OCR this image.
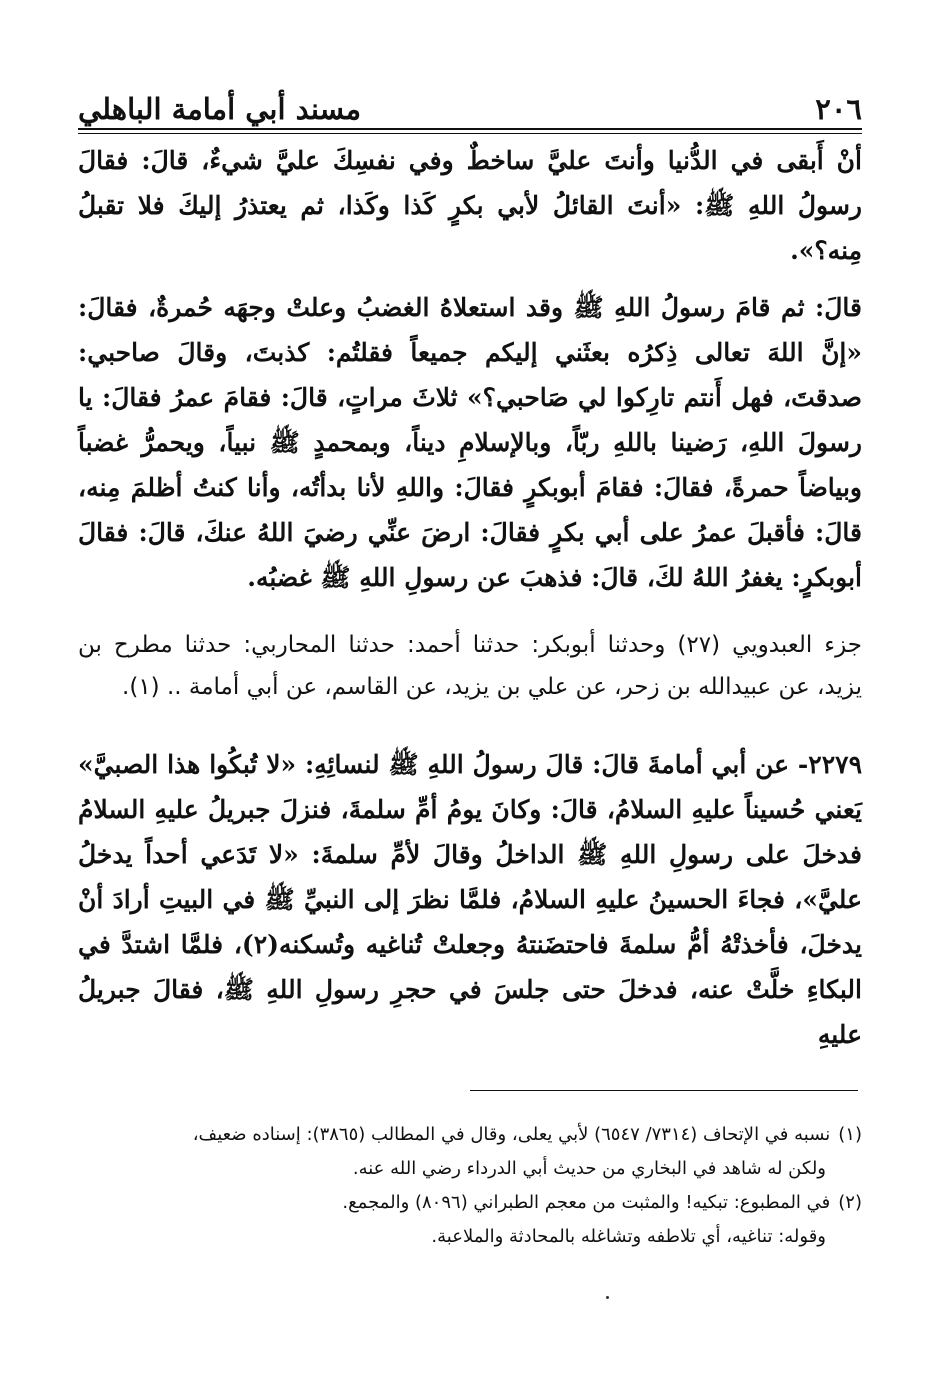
٢٠٦
مسند أبي أمامة الباهلي

أنْ أَبقى في الدُّنيا وأنتَ عليَّ ساخطٌ وفي نفسِكَ عليَّ شيءٌ، قالَ: فقالَ رسولُ اللهِ ﷺ: «أنتَ القائلُ لأبي بكرٍ كَذا وكَذا، ثم يعتذرُ إليكَ فلا تقبلُ مِنه؟».

قالَ: ثم قامَ رسولُ اللهِ ﷺ وقد استعلاهُ الغضبُ وعلتْ وجهَه حُمرةٌ، فقالَ: «إنَّ اللهَ تعالى ذِكرُه بعثَني إليكم جميعاً فقلتُم: كذبتَ، وقالَ صاحبي: صدقتَ، فهل أَنتم تارِكوا لي صَاحبي؟» ثلاثَ مراتٍ، قالَ: فقامَ عمرُ فقالَ: يا رسولَ اللهِ، رَضينا باللهِ ربّاً، وبالإسلامِ ديناً، وبمحمدٍ ﷺ نبياً، ويحمرُّ غضباً وبياضاً حمرةً، فقالَ: فقامَ أبوبكرٍ فقالَ: واللهِ لأنا بدأتُه، وأنا كنتُ أظلمَ مِنه، قالَ: فأقبلَ عمرُ على أبي بكرٍ فقالَ: ارضَ عنِّي رضيَ اللهُ عنكَ، قالَ: فقالَ أبوبكرٍ: يغفرُ اللهُ لكَ، قالَ: فذهبَ عن رسولِ اللهِ ﷺ غضبُه.

جزء العبدويي (٢٧) وحدثنا أبوبكر: حدثنا أحمد: حدثنا المحاربي: حدثنا مطرح بن يزيد، عن عبيدالله بن زحر، عن علي بن يزيد، عن القاسم، عن أبي أمامة .. (١).

٢٢٧٩- عن أبي أمامةَ قالَ: قالَ رسولُ اللهِ ﷺ لنسائِهِ: «لا تُبكُوا هذا الصبيَّ» يَعني حُسيناً عليهِ السلامُ، قالَ: وكانَ يومُ أمِّ سلمةَ، فنزلَ جبريلُ عليهِ السلامُ فدخلَ على رسولِ اللهِ ﷺ الداخلُ وقالَ لأمِّ سلمةَ: «لا تَدَعي أحداً يدخلُ عليَّ»، فجاءَ الحسينُ عليهِ السلامُ، فلمَّا نظرَ إلى النبيِّ ﷺ في البيتِ أرادَ أنْ يدخلَ، فأخذتْهُ أمُّ سلمةَ فاحتضَنتهُ وجعلتْ تُناغيه وتُسكنه(٢)، فلمَّا اشتدَّ في البكاءِ خلَّتْ عنه، فدخلَ حتى جلسَ في حجرِ رسولِ اللهِ ﷺ، فقالَ جبريلُ عليهِ

(١)نسبه في الإتحاف (٧٣١٤/ ٦٥٤٧) لأبي يعلى، وقال في المطالب (٣٨٦٥): إسناده ضعيف،

ولكن له شاهد في البخاري من حديث أبي الدرداء رضي الله عنه.

(٢)في المطبوع: تبكيه! والمثبت من معجم الطبراني (٨٠٩٦) والمجمع.

وقوله: تناغيه، أي تلاطفه وتشاغله بالمحادثة والملاعبة.
